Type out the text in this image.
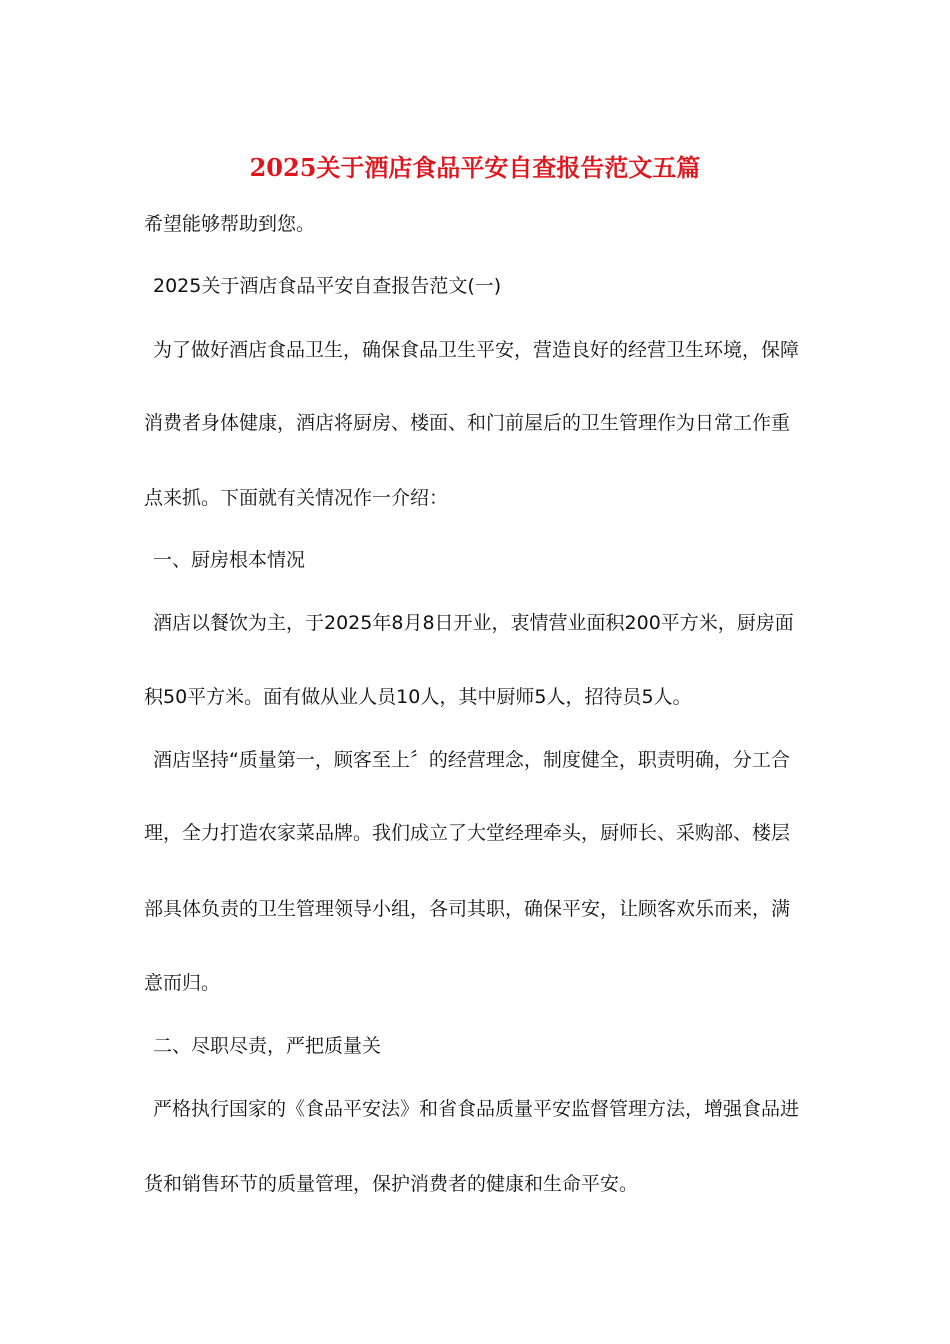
2025关于酒店食品平安自查报告范文五篇
希望能够帮助到您。
2025关于酒店食品平安自查报告范文(一)
为了做好酒店食品卫生，确保食品卫生平安，营造良好的经营卫生环境，保障
消费者身体健康，酒店将厨房、楼面、和门前屋后的卫生管理作为日常工作重
点来抓。下面就有关情况作一介绍：
一、厨房根本情况
酒店以餐饮为主，于2025年8月8日开业，衷情营业面积200平方米，厨房面
积50平方米。面有做从业人员10人，其中厨师5人，招待员5人。
酒店坚持“质量第一，顾客至上〞的经营理念，制度健全，职责明确，分工合
理，全力打造农家菜品牌。我们成立了大堂经理牵头，厨师长、采购部、楼层
部具体负责的卫生管理领导小组，各司其职，确保平安，让顾客欢乐而来，满
意而归。
二、尽职尽责，严把质量关
严格执行国家的《食品平安法》和省食品质量平安监督管理方法，增强食品进
货和销售环节的质量管理，保护消费者的健康和生命平安。
